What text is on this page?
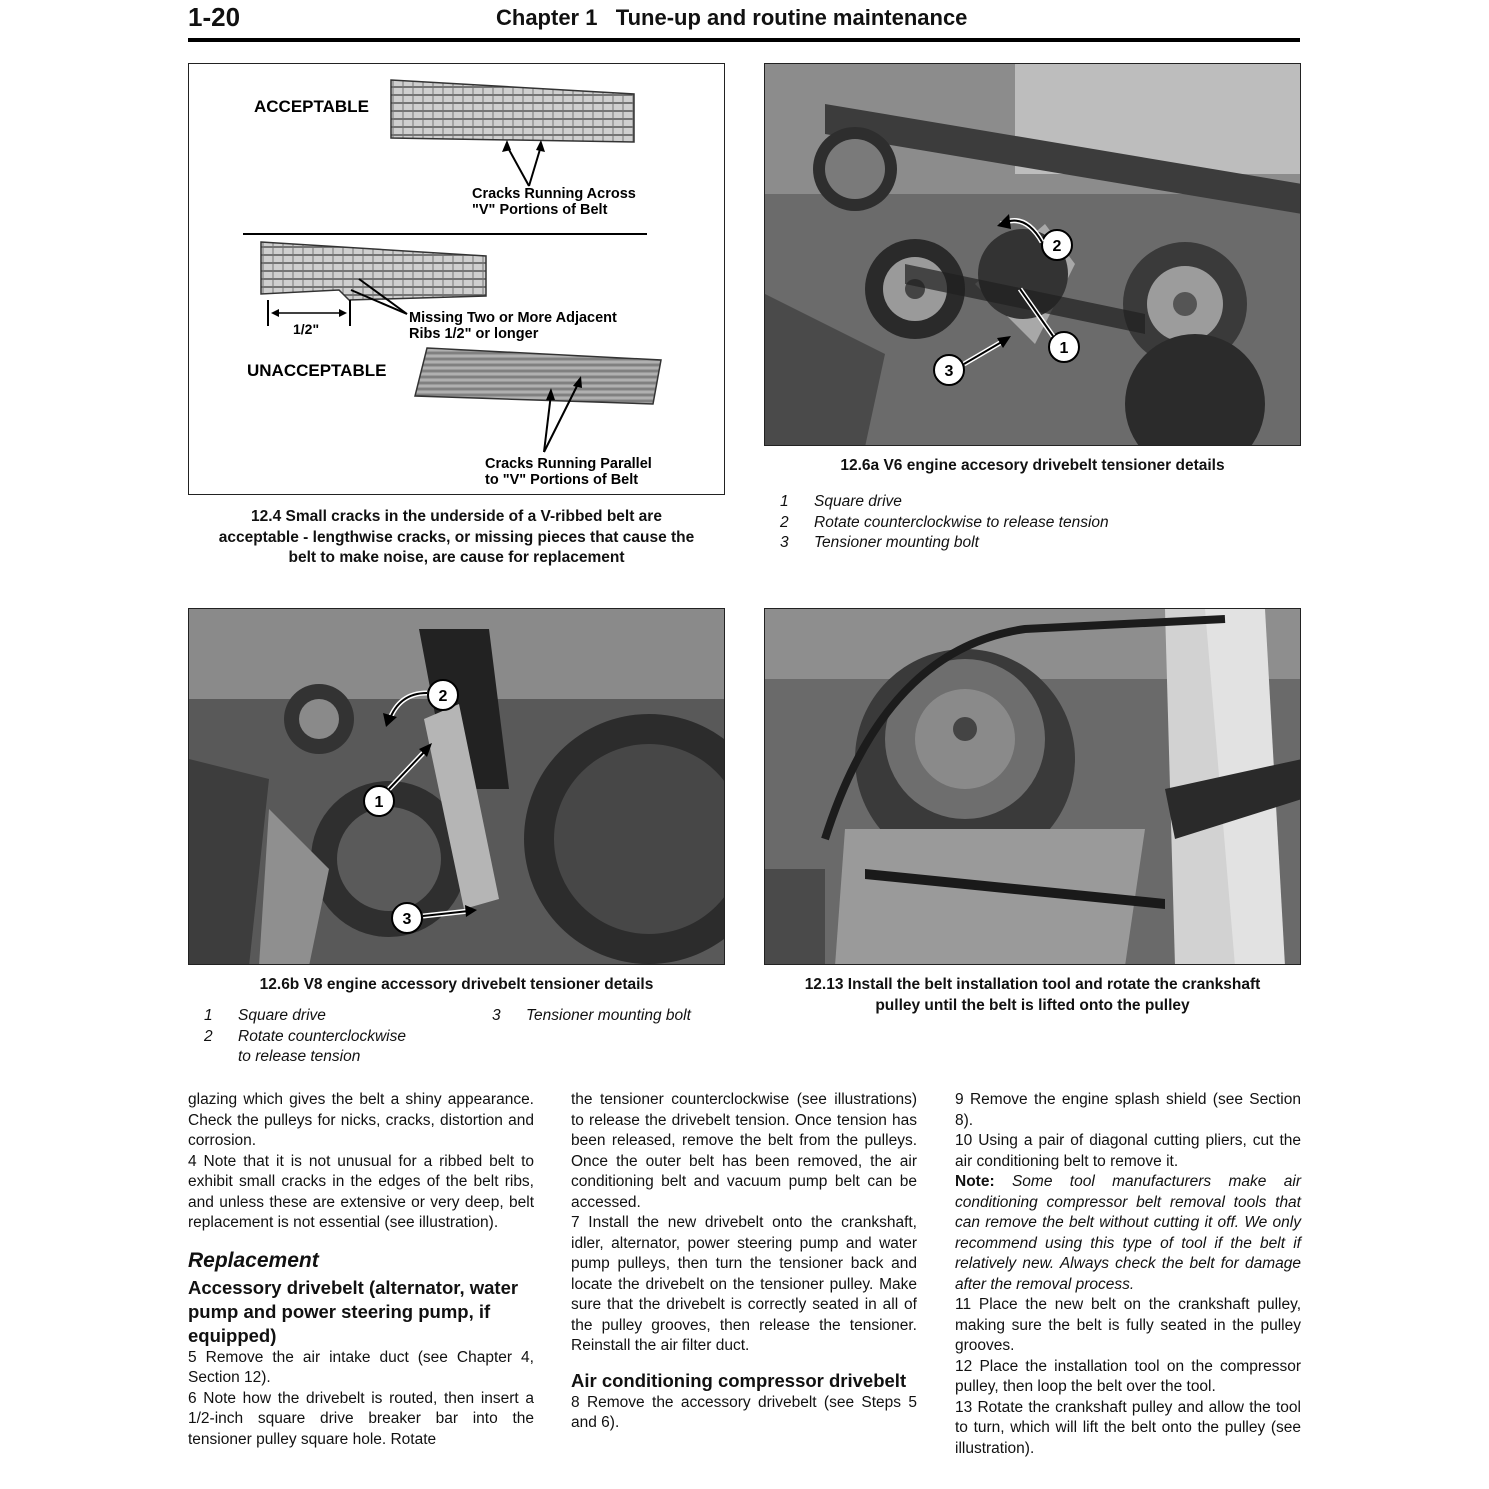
1-20	Chapter 1   Tune-up and routine maintenance
ACCEPTABLE
Cracks Running Across
"V" Portions of Belt
1/2"
Missing Two or More Adjacent
Ribs 1/2" or longer
UNACCEPTABLE
Cracks Running Parallel
to "V" Portions of Belt
12.4 Small cracks in the underside of a V-ribbed belt are
acceptable - lengthwise cracks, or missing pieces that cause the
belt to make noise, are cause for replacement
2
1
3
12.6a V6 engine accesory drivebelt tensioner details
1 Square drive
2 Rotate counterclockwise to release tension
3 Tensioner mounting bolt
2
1
3
12.6b V8 engine accessory drivebelt tensioner details
1 Square drive
2 Rotate counterclockwise
to release tension
3 Tensioner mounting bolt
12.13 Install the belt installation tool and rotate the crankshaft
pulley until the belt is lifted onto the pulley

glazing which gives the belt a shiny appearance. Check the pulleys for nicks, cracks, distortion and corrosion.

4 Note that it is not unusual for a ribbed belt to exhibit small cracks in the edges of the belt ribs, and unless these are extensive or very deep, belt replacement is not essential (see illustration).

Replacement
Accessory drivebelt (alternator, water pump and power steering pump, if equipped)

5 Remove the air intake duct (see Chapter 4, Section 12).

6 Note how the drivebelt is routed, then insert a 1/2-inch square drive breaker bar into the tensioner pulley square hole. Rotate

the tensioner counterclockwise (see illustrations) to release the drivebelt tension. Once tension has been released, remove the belt from the pulleys. Once the outer belt has been removed, the air conditioning belt and vacuum pump belt can be accessed.

7 Install the new drivebelt onto the crankshaft, idler, alternator, power steering pump and water pump pulleys, then turn the tensioner back and locate the drivebelt on the tensioner pulley. Make sure that the drivebelt is correctly seated in all of the pulley grooves, then release the tensioner. Reinstall the air filter duct.

Air conditioning compressor drivebelt

8 Remove the accessory drivebelt (see Steps 5 and 6).

9 Remove the engine splash shield (see Section 8).

10 Using a pair of diagonal cutting pliers, cut the air conditioning belt to remove it.

Note: Some tool manufacturers make air conditioning compressor belt removal tools that can remove the belt without cutting it off. We only recommend using this type of tool if the belt if relatively new. Always check the belt for damage after the removal process.

11 Place the new belt on the crankshaft pulley, making sure the belt is fully seated in the pulley grooves.

12 Place the installation tool on the compressor pulley, then loop the belt over the tool.

13 Rotate the crankshaft pulley and allow the tool to turn, which will lift the belt onto the pulley (see illustration).
